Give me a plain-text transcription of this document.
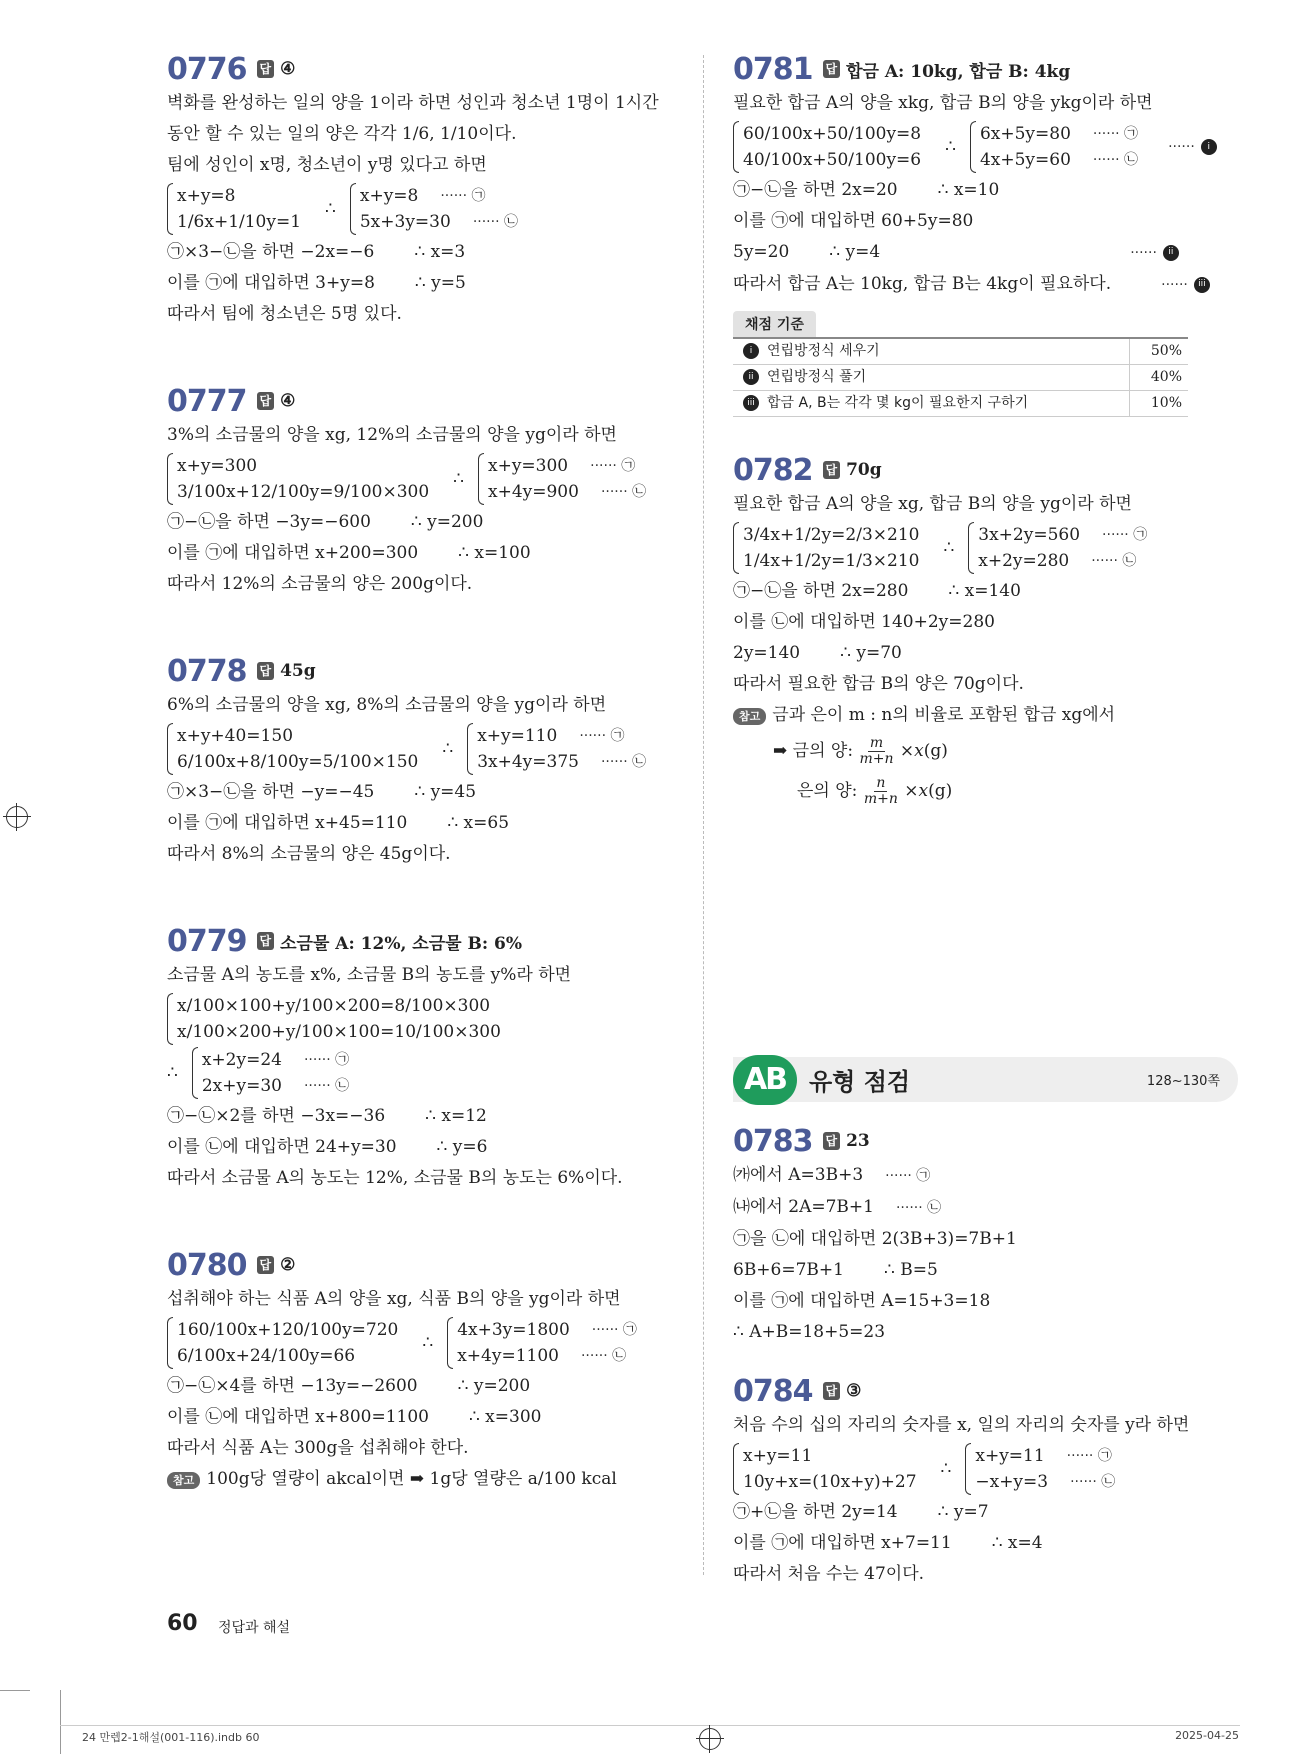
0776 답 ④
벽화를 완성하는 일의 양을 1이라 하면 성인과 청소년 1명이 1시간
동안 할 수 있는 일의 양은 각각 1/6, 1/10이다.
팀에 성인이 x명, 청소년이 y명 있다고 하면
x+y=8
1/6x+1/10y=1
∴
x+y=8 ······ ㉠
5x+3y=30 ······ ㉡
㉠×3−㉡을 하면 −2x=−6 ∴ x=3
이를 ㉠에 대입하면 3+y=8 ∴ y=5
따라서 팀에 청소년은 5명 있다.
0777 답 ④
3%의 소금물의 양을 xg, 12%의 소금물의 양을 yg이라 하면
x+y=300
3/100x+12/100y=9/100×300
∴
x+y=300 ······ ㉠
x+4y=900 ······ ㉡
㉠−㉡을 하면 −3y=−600 ∴ y=200
이를 ㉠에 대입하면 x+200=300 ∴ x=100
따라서 12%의 소금물의 양은 200g이다.
0778 답 45g
6%의 소금물의 양을 xg, 8%의 소금물의 양을 yg이라 하면
x+y+40=150
6/100x+8/100y=5/100×150
∴
x+y=110 ······ ㉠
3x+4y=375 ······ ㉡
㉠×3−㉡을 하면 −y=−45 ∴ y=45
이를 ㉠에 대입하면 x+45=110 ∴ x=65
따라서 8%의 소금물의 양은 45g이다.
0779 답 소금물 A: 12%, 소금물 B: 6%
소금물 A의 농도를 x%, 소금물 B의 농도를 y%라 하면
x/100×100+y/100×200=8/100×300
x/100×200+y/100×100=10/100×300
∴
x+2y=24 ······ ㉠
2x+y=30 ······ ㉡
㉠−㉡×2를 하면 −3x=−36 ∴ x=12
이를 ㉡에 대입하면 24+y=30 ∴ y=6
따라서 소금물 A의 농도는 12%, 소금물 B의 농도는 6%이다.
0780 답 ②
섭취해야 하는 식품 A의 양을 xg, 식품 B의 양을 yg이라 하면
160/100x+120/100y=720
6/100x+24/100y=66
∴
4x+3y=1800 ······ ㉠
x+4y=1100 ······ ㉡
㉠−㉡×4를 하면 −13y=−2600 ∴ y=200
이를 ㉡에 대입하면 x+800=1100 ∴ x=300
따라서 식품 A는 300g을 섭취해야 한다.
참고 100g당 열량이 akcal이면 ➡ 1g당 열량은 a/100 kcal
0781 답 합금 A: 10kg, 합금 B: 4kg
필요한 합금 A의 양을 xkg, 합금 B의 양을 ykg이라 하면
60/100x+50/100y=8
40/100x+50/100y=6
∴
6x+5y=80 ······ ㉠
4x+5y=60 ······ ㉡
······	i
㉠−㉡을 하면 2x=20 ∴ x=10
이를 ㉠에 대입하면 60+5y=80
5y=20 ∴ y=4	······ ii
따라서 합금 A는 10kg, 합금 B는 4kg이 필요하다.	······ iii
채점 기준
i 연립방정식 세우기	50%
ii 연립방정식 풀기	40%
iii 합금 A, B는 각각 몇 kg이 필요한지 구하기	10%
0782 답 70g
필요한 합금 A의 양을 xg, 합금 B의 양을 yg이라 하면
3/4x+1/2y=2/3×210
1/4x+1/2y=1/3×210
∴
3x+2y=560 ······ ㉠
x+2y=280 ······ ㉡
㉠−㉡을 하면 2x=280 ∴ x=140
이를 ㉡에 대입하면 140+2y=280
2y=140 ∴ y=70
따라서 필요한 합금 B의 양은 70g이다.
참고 금과 은이 m : n의 비율로 포함된 합금 xg에서
➡ 금의 양: $\frac{m}{m+n} \times x(g)$
은의 양: $\frac{n}{m+n} \times x(g)$
AB 유형 점검	128~130쪽
0783 답 23
㈎에서 A=3B+3 ······ ㉠
㈏에서 2A=7B+1 ······ ㉡
㉠을 ㉡에 대입하면 2(3B+3)=7B+1
6B+6=7B+1 ∴ B=5
이를 ㉠에 대입하면 A=15+3=18
∴ A+B=18+5=23
0784 답 ③
처음 수의 십의 자리의 숫자를 x, 일의 자리의 숫자를 y라 하면
x+y=11
10y+x=(10x+y)+27
∴
x+y=11 ······ ㉠
−x+y=3 ······ ㉡
㉠+㉡을 하면 2y=14 ∴ y=7
이를 ㉠에 대입하면 x+7=11 ∴ x=4
따라서 처음 수는 47이다.
60 정답과 해설
24 만렙2-1해설(001-116).indb 60	2025-04-25
